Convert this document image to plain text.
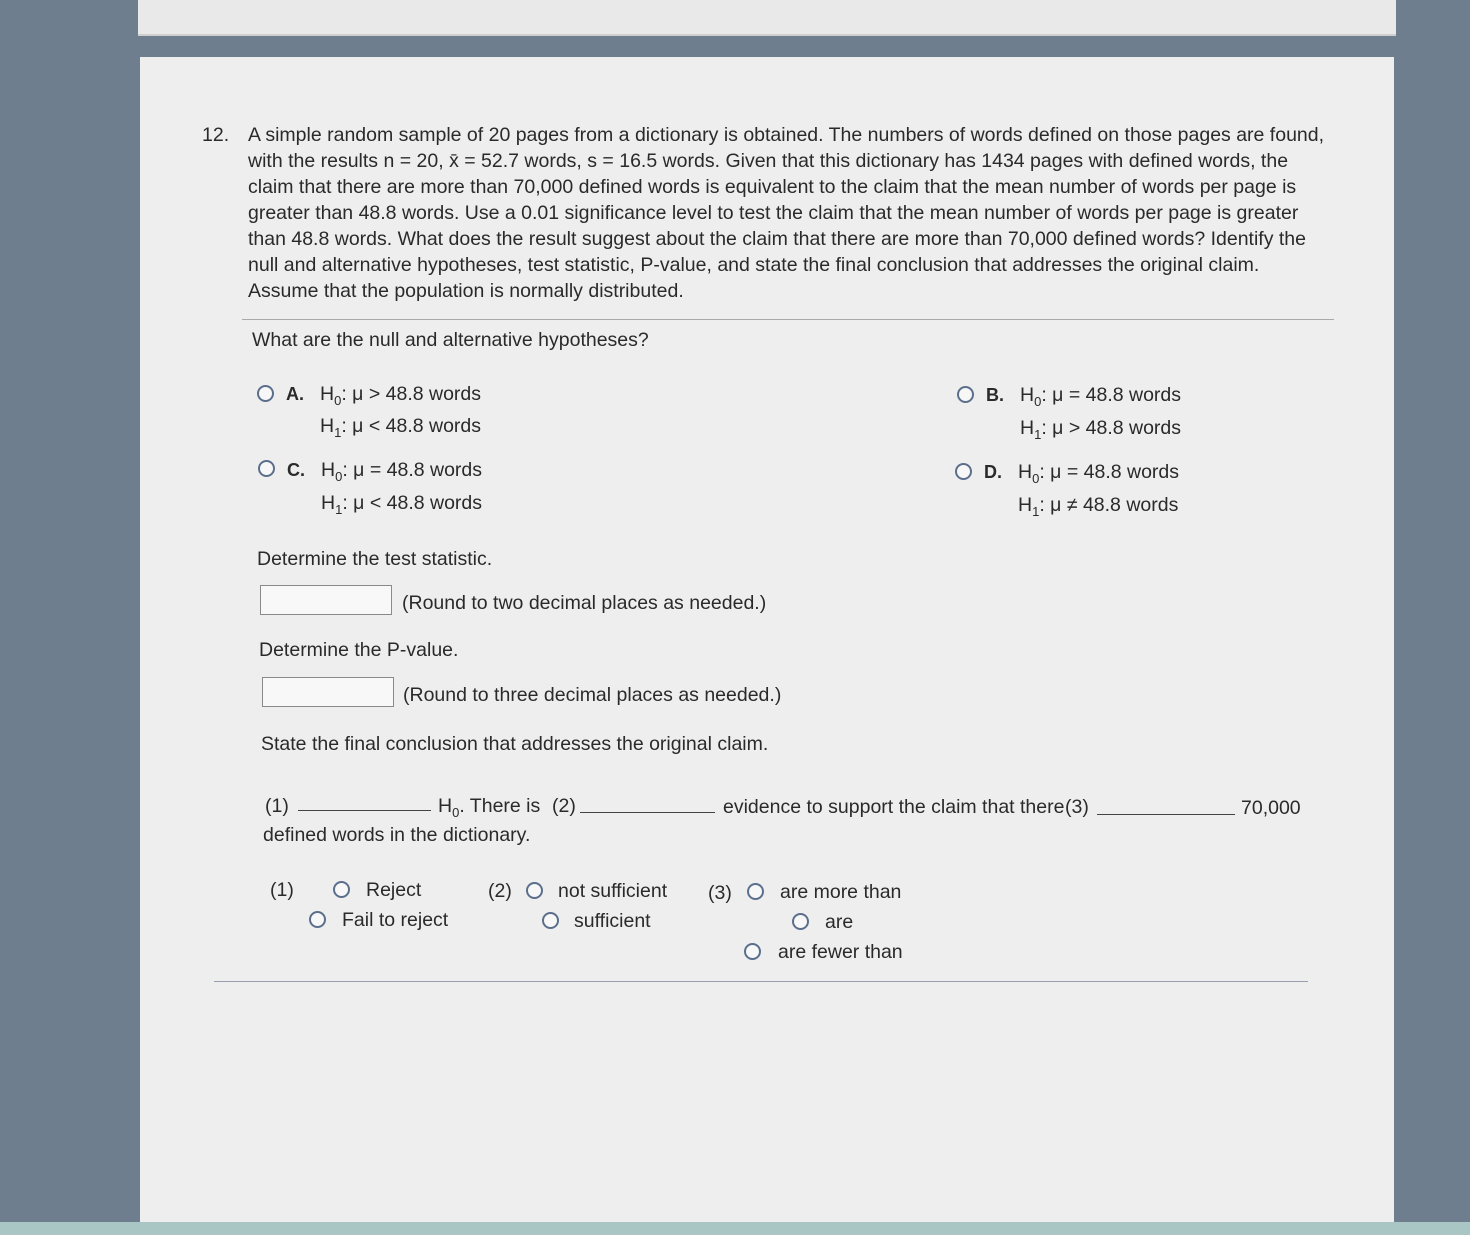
12. A simple random sample of 20 pages from a dictionary is obtained. The numbers of words defined on those pages are found, with the results n = 20, x̄ = 52.7 words, s = 16.5 words. Given that this dictionary has 1434 pages with defined words, the claim that there are more than 70,000 defined words is equivalent to the claim that the mean number of words per page is greater than 48.8 words. Use a 0.01 significance level to test the claim that the mean number of words per page is greater than 48.8 words. What does the result suggest about the claim that there are more than 70,000 defined words? Identify the null and alternative hypotheses, test statistic, P-value, and state the final conclusion that addresses the original claim. Assume that the population is normally distributed.
What are the null and alternative hypotheses?
A. $H_0$: μ > 48.8 words
$H_1$: μ < 48.8 words
B. $H_0$: μ = 48.8 words
$H_1$: μ > 48.8 words
C. $H_0$: μ = 48.8 words
$H_1$: μ < 48.8 words
D. $H_0$: μ = 48.8 words
$H_1$: μ ≠ 48.8 words
Determine the test statistic.
(Round to two decimal places as needed.)
Determine the P-value.
(Round to three decimal places as needed.)
State the final conclusion that addresses the original claim.
(1)	$H_0$. There is (2)	evidence to support the claim that there (3)	70,000
defined words in the dictionary.
(1)	Reject
Fail to reject
(2) not sufficient
sufficient
(3) are more than
are
are fewer than
